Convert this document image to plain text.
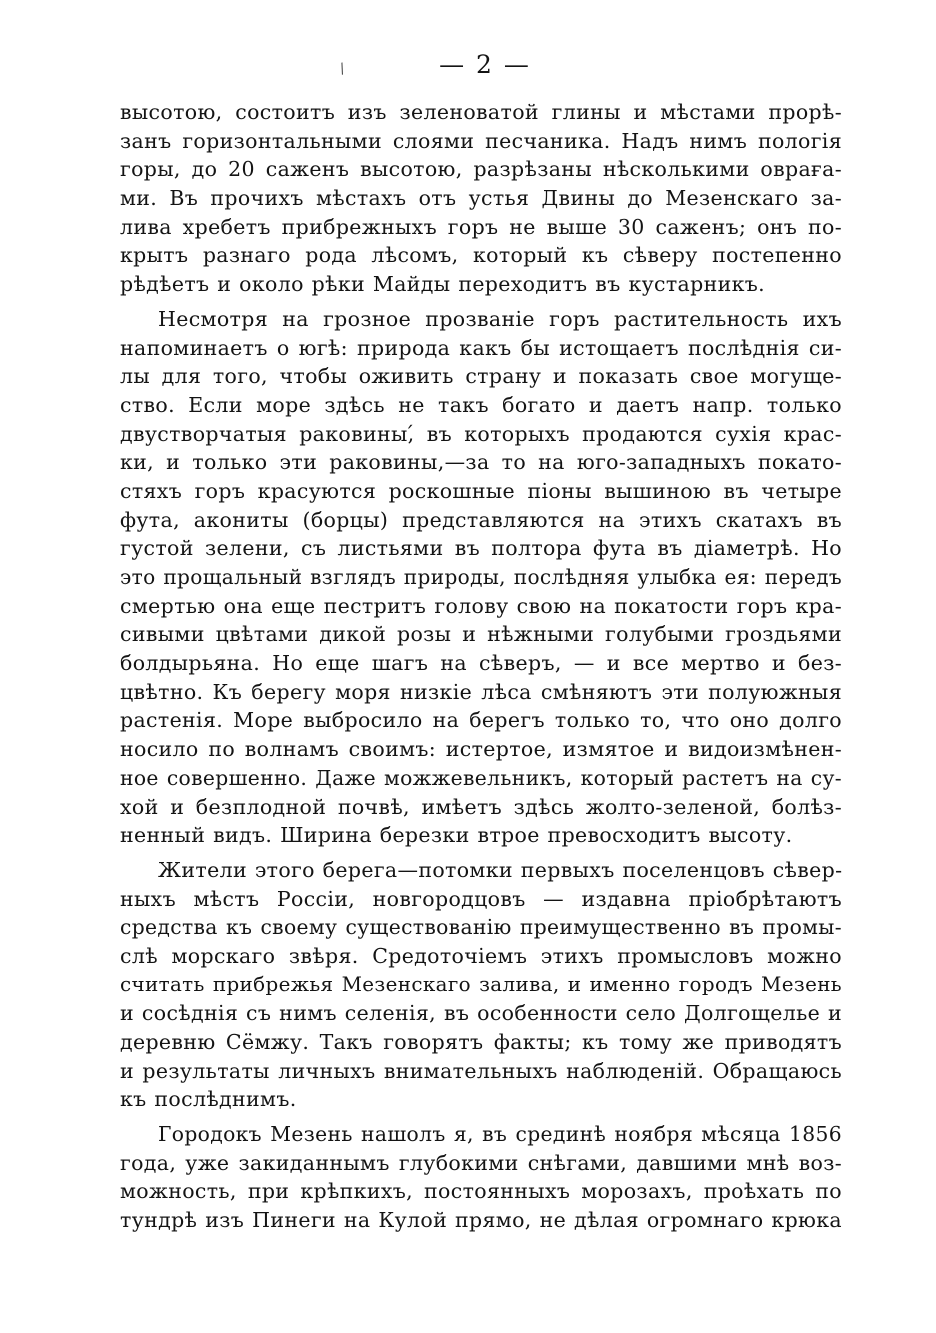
— 2 —
/
высотою, состоитъ изъ зеленоватой глины и мѣстами прорѣ-
занъ горизонтальными слоями песчаника. Надъ нимъ пологія
горы, до 20 саженъ высотою, разрѣзаны нѣсколькими овраға-
ми. Въ прочихъ мѣстахъ отъ устья Двины до Мезенскаго за-
лива хребетъ прибрежныхъ горъ не выше 30 саженъ; онъ по-
крытъ разнаго рода лѣсомъ, который къ сѣверу постепенно
рѣдѣетъ и около рѣки Майды переходитъ въ кустарникъ.
Несмотря на грозное прозваніе горъ растительность ихъ
напоминаетъ о югѣ: природа какъ бы истощаетъ послѣднія си-
лы для того, чтобы оживить страну и показать свое могуще-
ство. Если море здѣсь не такъ богато и даетъ напр. только
двустворчатыя раковины,́ въ которыхъ продаются сухія крас-
ки, и только эти раковины,—за то на юго-западныхъ покато-
стяхъ горъ красуются роскошные піоны вышиною въ четыре
фута, акониты (борцы) представляются на этихъ скатахъ въ
густой зелени, съ листьями въ полтора фута въ діаметрѣ. Но
это прощальный взглядъ природы, послѣдняя улыбка ея: передъ
смертью она еще пестритъ голову свою на покатости горъ кра-
сивыми цвѣтами дикой розы и нѣжными голубыми гроздьями
болдырьяна. Но еще шагъ на сѣверъ, — и все мертво и без-
цвѣтно. Къ берегу моря низкіе лѣса смѣняютъ эти полуюжныя
растенія. Море выбросило на берегъ только то, что оно долго
носило по волнамъ своимъ: истертое, измятое и видоизмѣнен-
ное совершенно. Даже можжевельникъ, который растетъ на су-
хой и безплодной почвѣ, имѣетъ здѣсь жолто-зеленой, болѣз-
ненный видъ. Ширина березки втрое превосходитъ высоту.
Жители этого берега—потомки первыхъ поселенцовъ сѣвер-
ныхъ мѣстъ Россіи, новгородцовъ — издавна пріобрѣтаютъ
средства къ своему существованію преимущественно въ промы-
слѣ морскаго звѣря. Средоточіемъ этихъ промысловъ можно
считать прибрежья Мезенскаго залива, и именно городъ Мезень
и сосѣднія съ нимъ селенія, въ особенности село Долгощелье и
деревню Сёмжу. Такъ говорятъ факты; къ тому же приводятъ
и результаты личныхъ внимательныхъ наблюденій. Обращаюсь
къ послѣднимъ.
Городокъ Мезень нашолъ я, въ срединѣ ноября мѣсяца 1856
года, уже закиданнымъ глубокими снѣгами, давшими мнѣ воз-
можность, при крѣпкихъ, постоянныхъ морозахъ, проѣхать по
тундрѣ изъ Пинеги на Кулой прямо, не дѣлая огромнаго крюка
